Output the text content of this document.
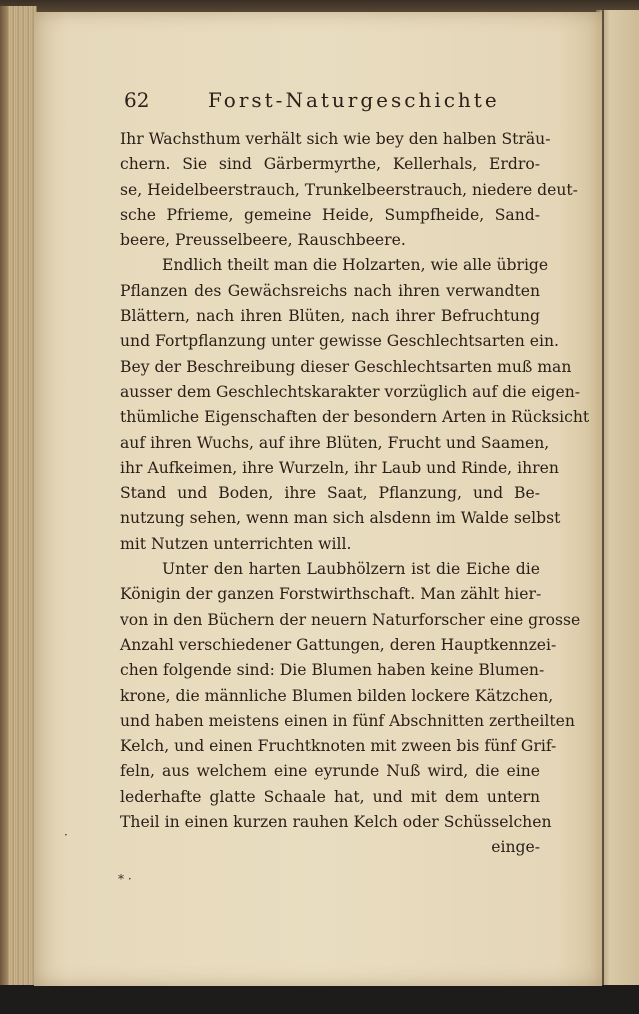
62	Forst-Naturgeschichte
Ihr Wachsthum verhält sich wie bey den halben Sträu-
chern. Sie sind Gärbermyrthe, Kellerhals, Erdro-
se, Heidelbeerstrauch, Trunkelbeerstrauch, niedere deut-
sche Pfrieme, gemeine Heide, Sumpfheide, Sand-
beere, Preusselbeere, Rauschbeere.
Endlich theilt man die Holzarten, wie alle übrige
Pflanzen des Gewächsreichs nach ihren verwandten
Blättern, nach ihren Blüten, nach ihrer Befruchtung
und Fortpflanzung unter gewisse Geschlechtsarten ein.
Bey der Beschreibung dieser Geschlechtsarten muß man
ausser dem Geschlechtskarakter vorzüglich auf die eigen-
thümliche Eigenschaften der besondern Arten in Rücksicht
auf ihren Wuchs, auf ihre Blüten, Frucht und Saamen,
ihr Aufkeimen, ihre Wurzeln, ihr Laub und Rinde, ihren
Stand und Boden, ihre Saat, Pflanzung, und Be-
nutzung sehen, wenn man sich alsdenn im Walde selbst
mit Nutzen unterrichten will.
Unter den harten Laubhölzern ist die Eiche die
Königin der ganzen Forstwirthschaft. Man zählt hier-
von in den Büchern der neuern Naturforscher eine grosse
Anzahl verschiedener Gattungen, deren Hauptkennzei-
chen folgende sind: Die Blumen haben keine Blumen-
krone, die männliche Blumen bilden lockere Kätzchen,
und haben meistens einen in fünf Abschnitten zertheilten
Kelch, und einen Fruchtknoten mit zween bis fünf Grif-
feln, aus welchem eine eyrunde Nuß wird, die eine
lederhafte glatte Schaale hat, und mit dem untern
Theil in einen kurzen rauhen Kelch oder Schüsselchen
einge-
* ·
·
